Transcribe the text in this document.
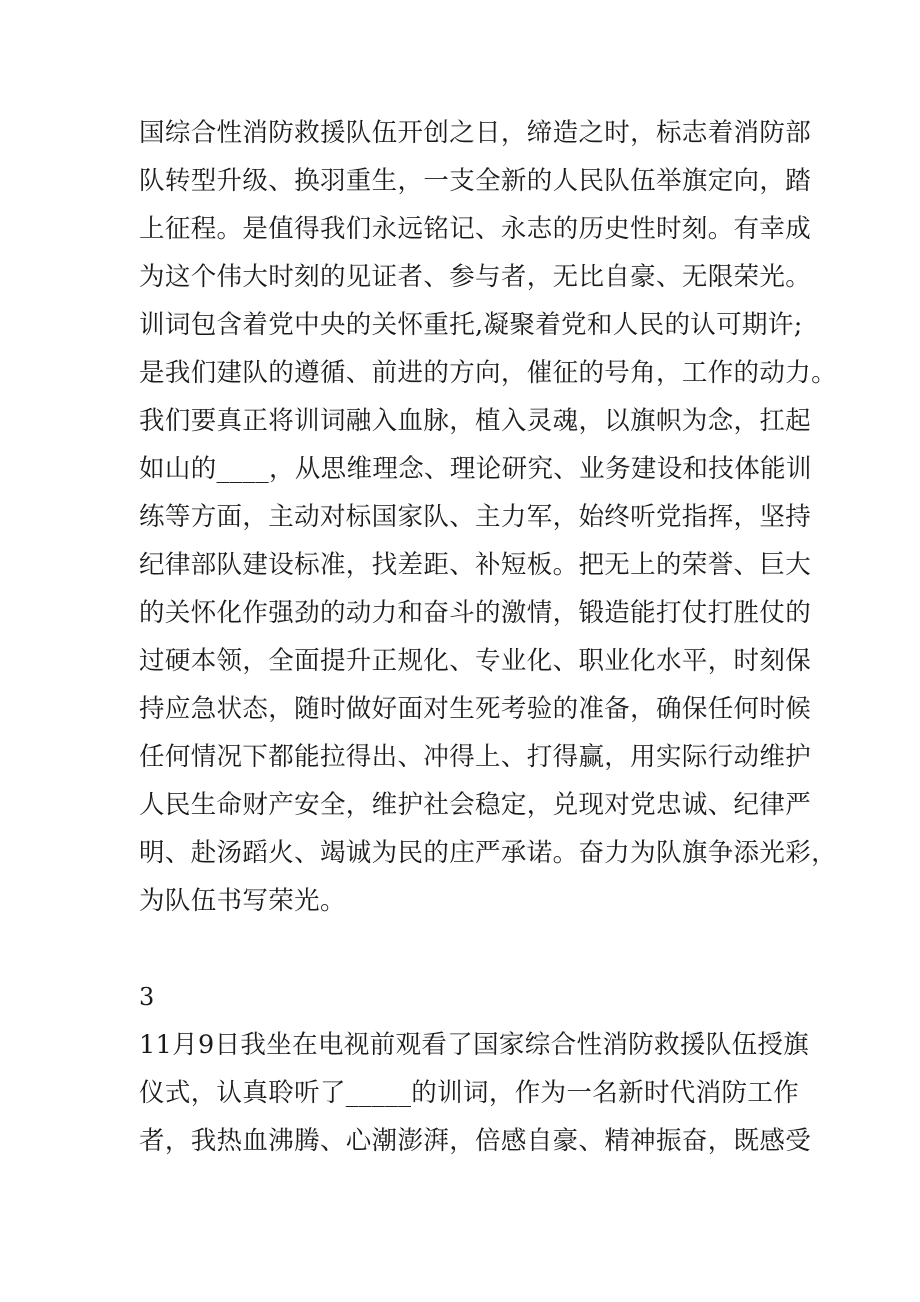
国综合性消防救援队伍开创之日，缔造之时，标志着消防部
队转型升级、换羽重生，一支全新的人民队伍举旗定向，踏
上征程。是值得我们永远铭记、永志的历史性时刻。有幸成
为这个伟大时刻的见证者、参与者，无比自豪、无限荣光。
训词包含着党中央的关怀重托,凝聚着党和人民的认可期许;
是我们建队的遵循、前进的方向，催征的号角，工作的动力。
我们要真正将训词融入血脉，植入灵魂，以旗帜为念，扛起
如山的____，从思维理念、理论研究、业务建设和技体能训
练等方面，主动对标国家队、主力军，始终听党指挥，坚持
纪律部队建设标准，找差距、补短板。把无上的荣誉、巨大
的关怀化作强劲的动力和奋斗的激情，锻造能打仗打胜仗的
过硬本领，全面提升正规化、专业化、职业化水平，时刻保
持应急状态，随时做好面对生死考验的准备，确保任何时候
任何情况下都能拉得出、冲得上、打得赢，用实际行动维护
人民生命财产安全，维护社会稳定，兑现对党忠诚、纪律严
明、赴汤蹈火、竭诚为民的庄严承诺。奋力为队旗争添光彩，
为队伍书写荣光。
3
11月9日我坐在电视前观看了国家综合性消防救援队伍授旗
仪式，认真聆听了_____的训词，作为一名新时代消防工作
者，我热血沸腾、心潮澎湃，倍感自豪、精神振奋，既感受
